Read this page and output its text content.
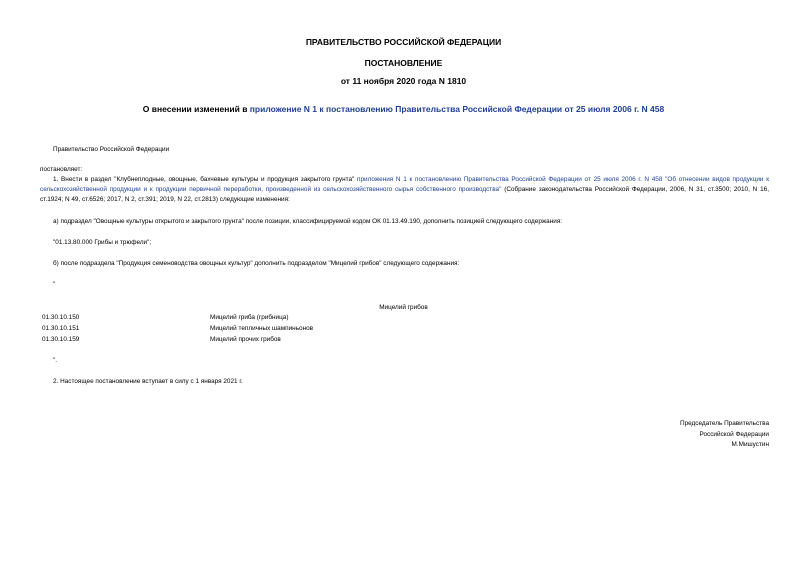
ПРАВИТЕЛЬСТВО РОССИЙСКОЙ ФЕДЕРАЦИИ
ПОСТАНОВЛЕНИЕ
от 11 ноября 2020 года N 1810
О внесении изменений в приложение N 1 к постановлению Правительства Российской Федерации от 25 июля 2006 г. N 458
Правительство Российской Федерации
постановляет:
1. Внести в раздел "Клубнеплодные, овощные, бахчевые культуры и продукция закрытого грунта" приложения N 1 к постановлению Правительства Российской Федерации от 25 июля 2006 г. N 458 "Об отнесении видов продукции к сельскохозяйственной продукции и к продукции первичной переработки, произведенной из сельскохозяйственного сырья собственного производства" (Собрание законодательства Российской Федерации, 2006, N 31, ст.3500; 2010, N 16, ст.1924; N 49, ст.6526; 2017, N 2, ст.391; 2019, N 22, ст.2813) следующие изменения:
а) подраздел "Овощные культуры открытого и закрытого грунта" после позиции, классифицируемой кодом ОК 01.13.49.190, дополнить позицией следующего содержания:
"01.13.80.000 Грибы и трюфели";
б) после подраздела "Продукция семеноводства овощных культур" дополнить подразделом "Мицелий грибов" следующего содержания:
"
Мицелий грибов
01.30.10.150	Мицелий гриба (грибница)
01.30.10.151	Мицелий тепличных шампиньонов
01.30.10.159	Мицелий прочих грибов
".
2. Настоящее постановление вступает в силу с 1 января 2021 г.
Председатель Правительства
Российской Федерации
М.Мишустин
